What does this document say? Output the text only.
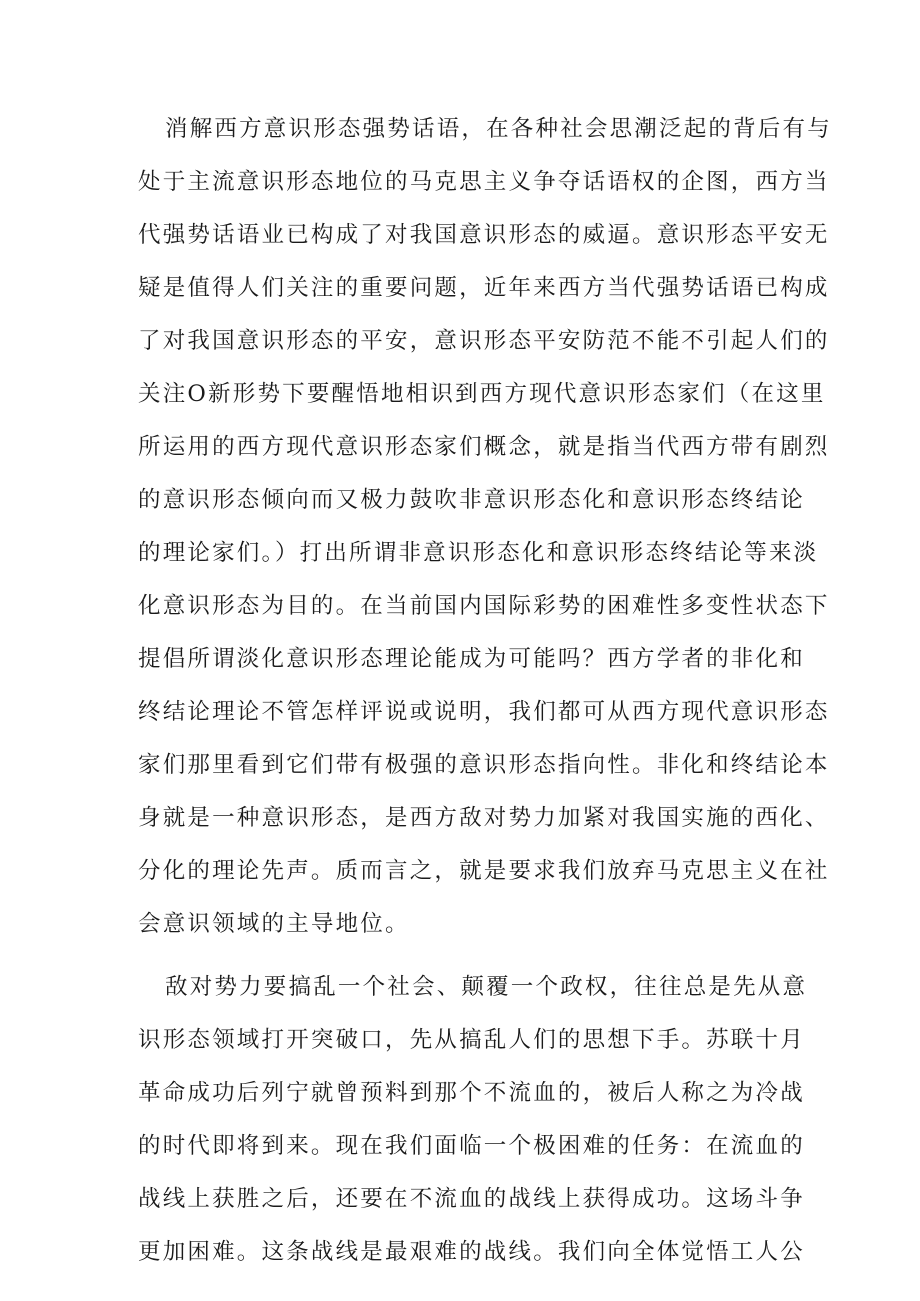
消解西方意识形态强势话语，在各种社会思潮泛起的背后有与
处于主流意识形态地位的马克思主义争夺话语权的企图，西方当
代强势话语业已构成了对我国意识形态的威逼。意识形态平安无
疑是值得人们关注的重要问题，近年来西方当代强势话语已构成
了对我国意识形态的平安，意识形态平安防范不能不引起人们的
关注O新形势下要醒悟地相识到西方现代意识形态家们（在这里
所运用的西方现代意识形态家们概念，就是指当代西方带有剧烈
的意识形态倾向而又极力鼓吹非意识形态化和意识形态终结论
的理论家们。）打出所谓非意识形态化和意识形态终结论等来淡
化意识形态为目的。在当前国内国际彩势的困难性多变性状态下
提倡所谓淡化意识形态理论能成为可能吗？西方学者的非化和
终结论理论不管怎样评说或说明，我们都可从西方现代意识形态
家们那里看到它们带有极强的意识形态指向性。非化和终结论本
身就是一种意识形态，是西方敌对势力加紧对我国实施的西化、
分化的理论先声。质而言之，就是要求我们放弃马克思主义在社
会意识领域的主导地位。
敌对势力要搞乱一个社会、颠覆一个政权，往往总是先从意
识形态领域打开突破口，先从搞乱人们的思想下手。苏联十月
革命成功后列宁就曾预料到那个不流血的，被后人称之为冷战
的时代即将到来。现在我们面临一个极困难的任务：在流血的
战线上获胜之后，还要在不流血的战线上获得成功。这场斗争
更加困难。这条战线是最艰难的战线。我们向全体觉悟工人公
